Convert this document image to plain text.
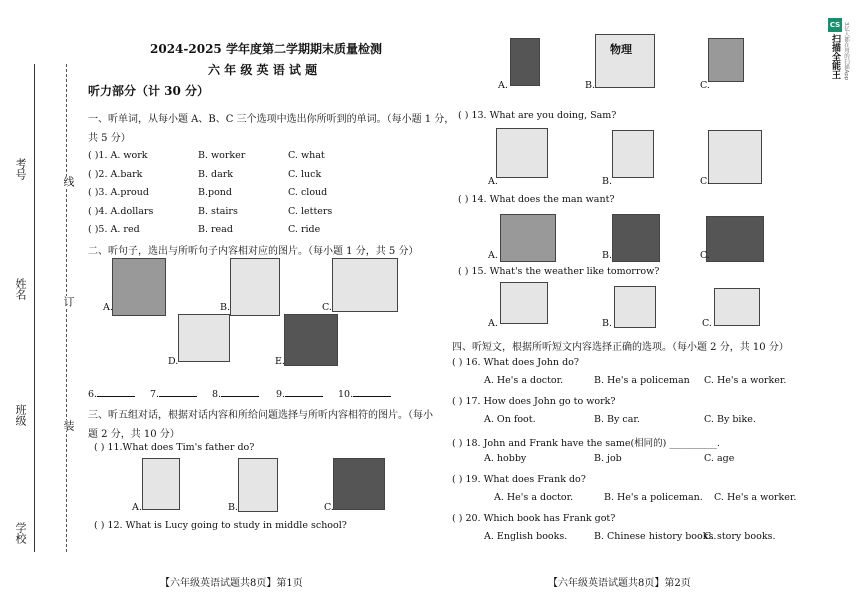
考号
姓名
班级
学校
线
订
装
2024-2025 学年度第二学期期末质量检测
六 年 级 英 语 试 题
听力部分（计 30 分）
一、听单词，从每小题 A、B、C 三个选项中选出你所听到的单词。（每小题 1 分，
共 5 分）
( )1. A. work	B. worker	C. what
( )2. A.bark	B. dark	C. luck
( )3. A.proud	B.pond	C. cloud
( )4. A.dollars	B. stairs	C. letters
( )5. A. red	B. read	C. ride
二、听句子，选出与所听句子内容相对应的图片。（每小题 1 分，共 5 分）
A.	B.	C.
D.	E.
6.	7.	8.	9.	10.
三、听五组对话，根据对话内容和所给问题选择与所听内容相符的图片。（每小
题 2 分，共 10 分）
( ) 11.What does Tim's father do?
A.	B.	C.
( ) 12. What is Lucy going to study in middle school?
物理
A.	B.	C.
( ) 13. What are you doing, Sam?
A.	B.	C.
( ) 14. What does the man want?
A.	B.	C.
( ) 15. What's the weather like tomorrow?
A.	B.	C.
四、听短文，根据所听短文内容选择正确的选项。（每小题 2 分，共 10 分）
( ) 16. What does John do?
A. He's a doctor.	B. He's a policeman C. He's a worker.
( ) 17. How does John go to work?
A. On foot.	B. By car.	C. By bike.
( ) 18. John and Frank have the same(相同的) __________.
A. hobby	B. job	C. age
( ) 19. What does Frank do?
A. He's a doctor.	B. He's a policeman. C. He's a worker.
( ) 20. Which book has Frank got?
A. English books.	B. Chinese history books.
C. story books.
【六年级英语试题共8页】第1页	【六年级英语试题共8页】第2页
CS
扫描全能王 3亿人都在用的扫描App
